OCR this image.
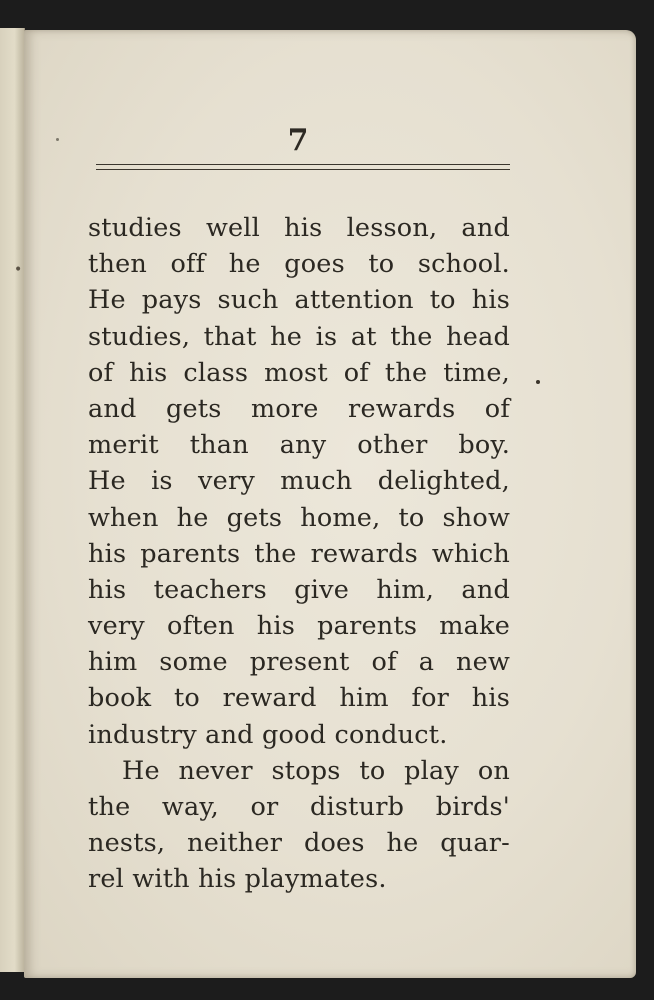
•
7
studies well his lesson, and
then off he goes to school.
He pays such attention to his
studies, that he is at the head
of his class most of the time,
and gets more rewards of
merit than any other boy.
He is very much delighted,
when he gets home, to show
his parents the rewards which
his teachers give him, and
very often his parents make
him some present of a new
book to reward him for his
industry and good conduct.
He never stops to play on
the way, or disturb birds'
nests, neither does he quar-
rel with his playmates.
